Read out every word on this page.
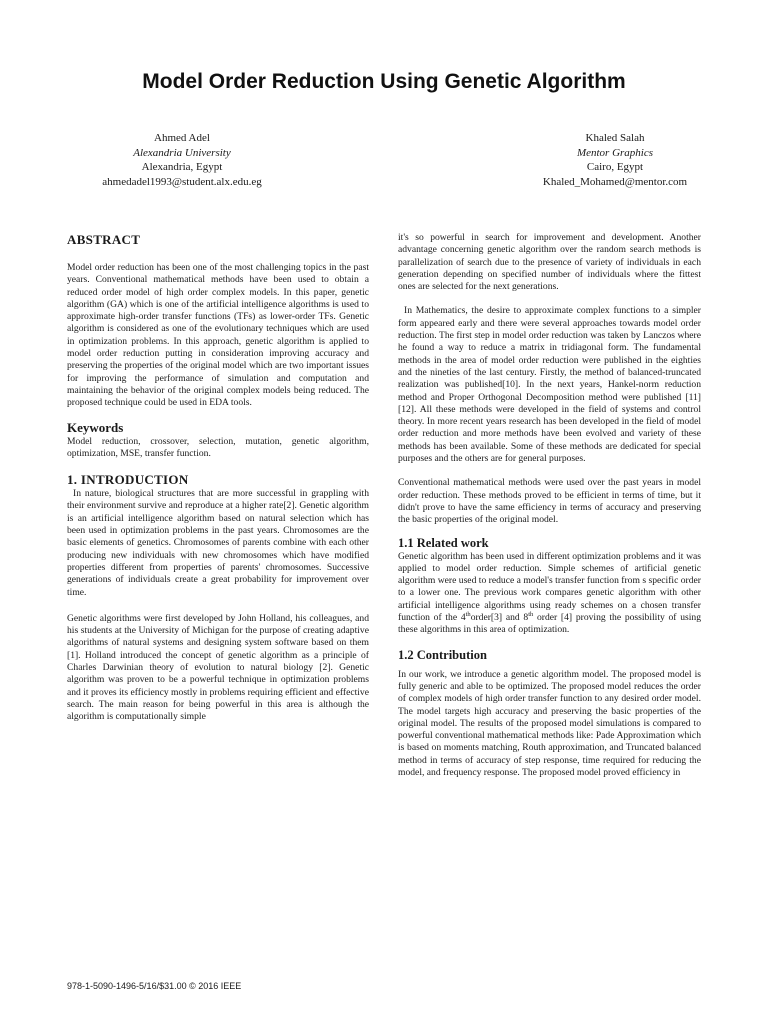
Model Order Reduction Using Genetic Algorithm
Ahmed Adel
Alexandria University
Alexandria, Egypt
ahmedadel1993@student.alx.edu.eg
Khaled Salah
Mentor Graphics
Cairo, Egypt
Khaled_Mohamed@mentor.com
ABSTRACT

Model order reduction has been one of the most challenging topics in the past years. Conventional mathematical methods have been used to obtain a reduced order model of high order complex models. In this paper, genetic algorithm (GA) which is one of the artificial intelligence algorithms is used to approximate high-order transfer functions (TFs) as lower-order TFs. Genetic algorithm is considered as one of the evolutionary techniques which are used in optimization problems. In this approach, genetic algorithm is applied to model order reduction putting in consideration improving accuracy and preserving the properties of the original model which are two important issues for improving the performance of simulation and computation and maintaining the behavior of the original complex models being reduced. The proposed technique could be used in EDA tools.

Keywords

Model reduction, crossover, selection, mutation, genetic algorithm, optimization, MSE, transfer function.

1. INTRODUCTION

In nature, biological structures that are more successful in grappling with their environment survive and reproduce at a higher rate[2]. Genetic algorithm is an artificial intelligence algorithm based on natural selection which has been used in optimization problems in the past years. Chromosomes are the basic elements of genetics. Chromosomes of parents combine with each other producing new individuals with new chromosomes which have modified properties different from properties of parents' chromosomes. Successive generations of individuals create a great probability for improvement over time.

Genetic algorithms were first developed by John Holland, his colleagues, and his students at the University of Michigan for the purpose of creating adaptive algorithms of natural systems and designing system software based on them [1]. Holland introduced the concept of genetic algorithm as a principle of Charles Darwinian theory of evolution to natural biology [2]. Genetic algorithm was proven to be a powerful technique in optimization problems and it proves its efficiency mostly in problems requiring efficient and effective search. The main reason for being powerful in this area is although the algorithm is computationally simple

it's so powerful in search for improvement and development. Another advantage concerning genetic algorithm over the random search methods is parallelization of search due to the presence of variety of individuals in each generation depending on specified number of individuals where the fittest ones are selected for the next generations.

In Mathematics, the desire to approximate complex functions to a simpler form appeared early and there were several approaches towards model order reduction. The first step in model order reduction was taken by Lanczos where he found a way to reduce a matrix in tridiagonal form. The fundamental methods in the area of model order reduction were published in the eighties and the nineties of the last century. Firstly, the method of balanced-truncated realization was published[10]. In the next years, Hankel-norm reduction method and Proper Orthogonal Decomposition method were published [11][12]. All these methods were developed in the field of systems and control theory. In more recent years research has been developed in the field of model order reduction and more methods have been evolved and variety of these methods has been available. Some of these methods are dedicated for special purposes and the others are for general purposes.

Conventional mathematical methods were used over the past years in model order reduction. These methods proved to be efficient in terms of time, but it didn't prove to have the same efficiency in terms of accuracy and preserving the basic properties of the original model.

1.1 Related work

Genetic algorithm has been used in different optimization problems and it was applied to model order reduction. Simple schemes of artificial genetic algorithm were used to reduce a model's transfer function from s specific order to a lower one. The previous work compares genetic algorithm with other artificial intelligence algorithms using ready schemes on a chosen transfer function of the 4thorder[3] and 8th order [4] proving the possibility of using these algorithms in this area of optimization.

1.2 Contribution

In our work, we introduce a genetic algorithm model. The proposed model is fully generic and able to be optimized. The proposed model reduces the order of complex models of high order transfer function to any desired order model. The model targets high accuracy and preserving the basic properties of the original model. The results of the proposed model simulations is compared to powerful conventional mathematical methods like: Pade Approximation which is based on moments matching, Routh approximation, and Truncated balanced method in terms of accuracy of step response, time required for reducing the model, and frequency response. The proposed model proved efficiency in

978-1-5090-1496-5/16/$31.00 © 2016 IEEE
